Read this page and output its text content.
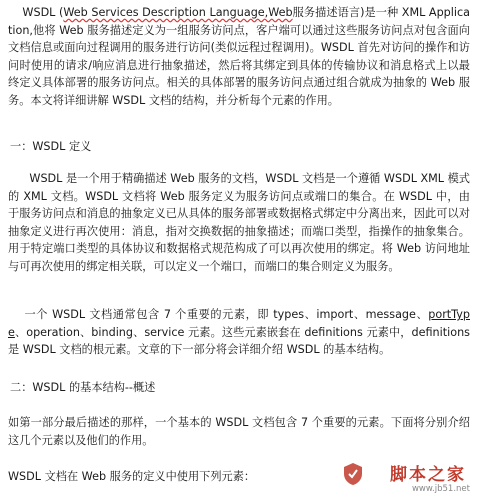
WSDL (Web Services Description Language,Web服务描述语言)是一种 XML Application,他将 Web 服务描述定义为一组服务访问点，客户端可以通过这些服务访问点对包含面向文档信息或面向过程调用的服务进行访问(类似远程过程调用)。WSDL 首先对访问的操作和访问时使用的请求/响应消息进行抽象描述，然后将其绑定到具体的传输协议和消息格式上以最终定义具体部署的服务访问点。相关的具体部署的服务访问点通过组合就成为抽象的 Web 服务。本文将详细讲解 WSDL 文档的结构，并分析每个元素的作用。

一：WSDL 定义

WSDL 是一个用于精确描述 Web 服务的文档，WSDL 文档是一个遵循 WSDL XML 模式的 XML 文档。WSDL 文档将 Web 服务定义为服务访问点或端口的集合。在 WSDL 中，由于服务访问点和消息的抽象定义已从具体的服务部署或数据格式绑定中分离出来，因此可以对抽象定义进行再次使用：消息，指对交换数据的抽象描述；而端口类型，指操作的抽象集合。用于特定端口类型的具体协议和数据格式规范构成了可以再次使用的绑定。将 Web 访问地址与可再次使用的绑定相关联，可以定义一个端口，而端口的集合则定义为服务。

一个 WSDL 文档通常包含 7 个重要的元素，即 types、import、message、portType、operation、binding、service 元素。这些元素嵌套在 definitions 元素中，definitions 是 WSDL 文档的根元素。文章的下一部分将会详细介绍 WSDL 的基本结构。

二：WSDL 的基本结构--概述

如第一部分最后描述的那样，一个基本的 WSDL 文档包含 7 个重要的元素。下面将分别介绍这几个元素以及他们的作用。

WSDL 文档在 Web 服务的定义中使用下列元素：	脚本之家
www.jb51.net
